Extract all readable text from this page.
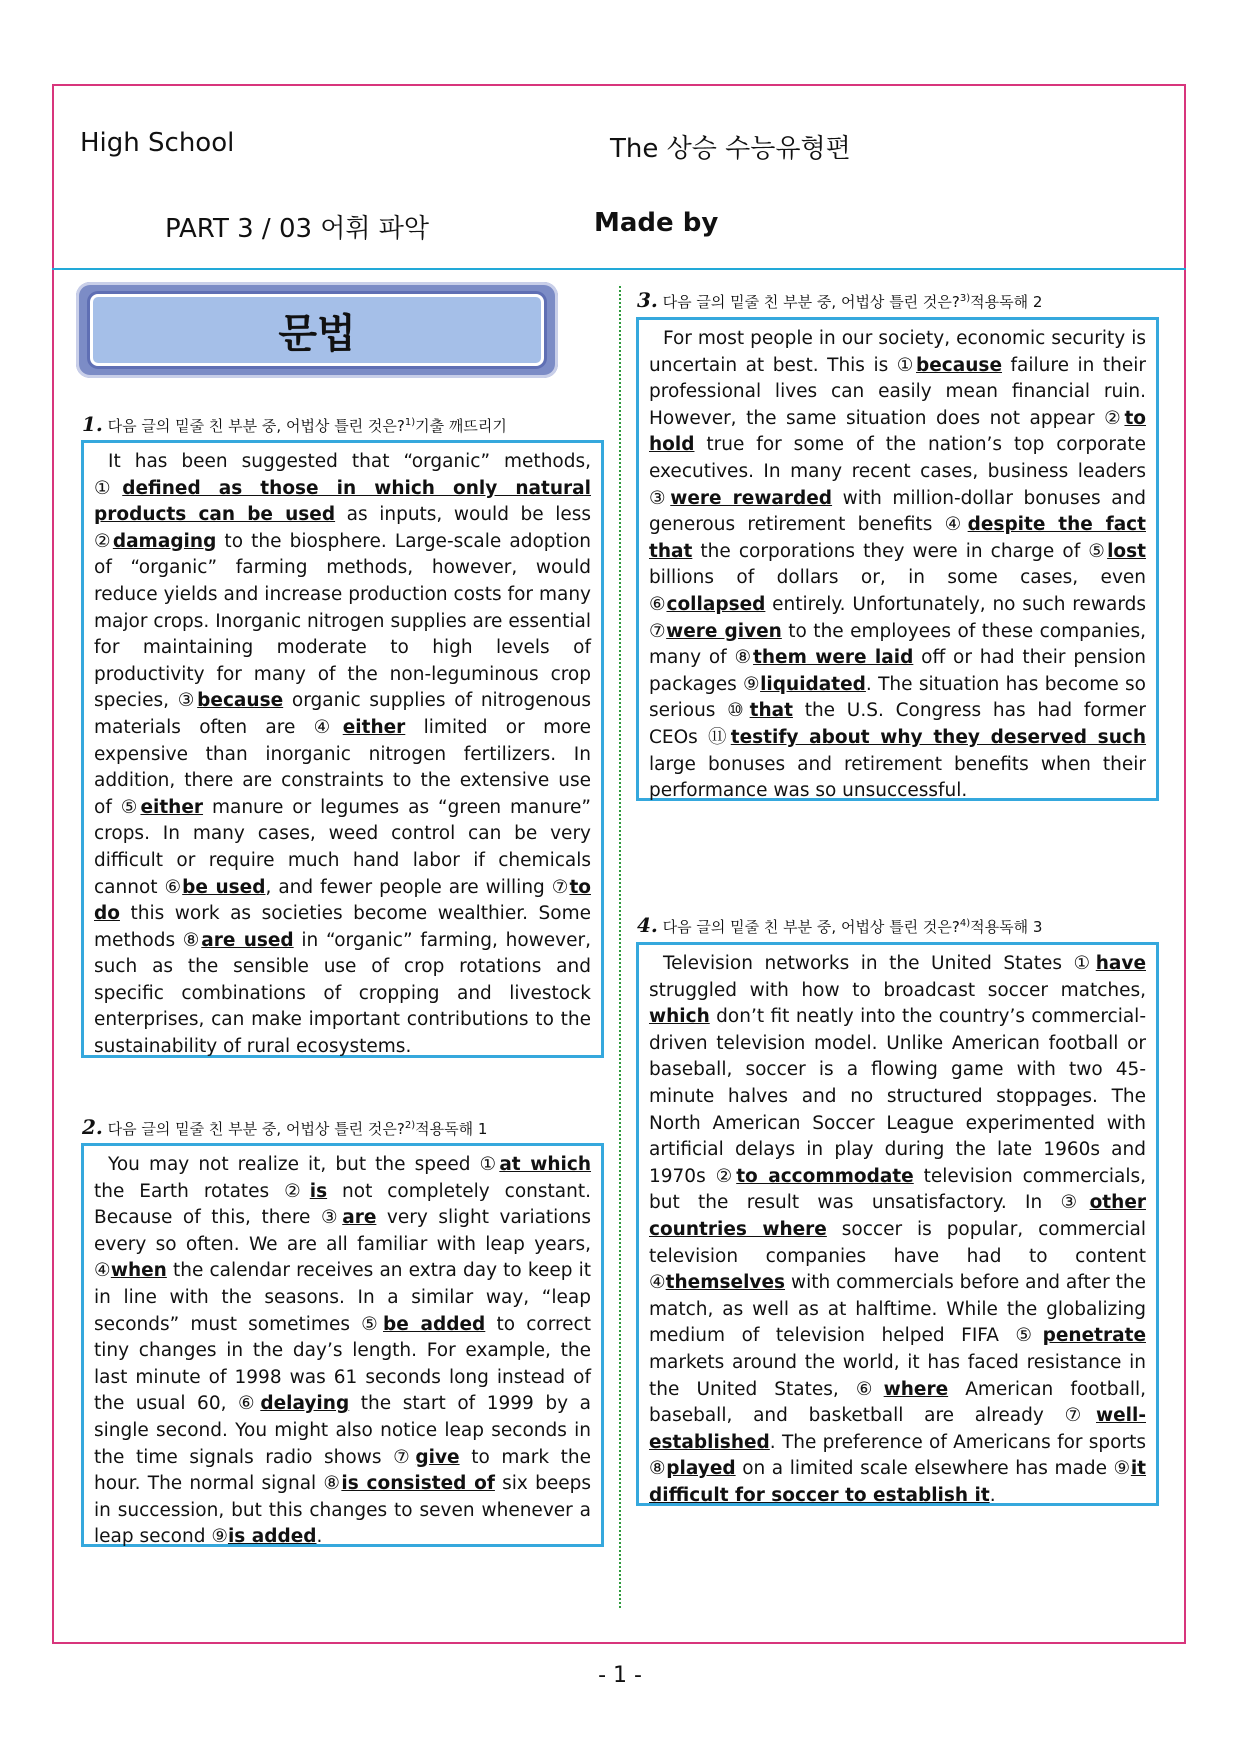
High School	The 상승 수능유형편
PART 3 / 03 어휘 파악	Made by
문법
1. 다음 글의 밑줄 친 부분 중, 어법상 틀린 것은?$^{1)}$기출 깨뜨리기

It has been suggested that “organic” methods, ①defined as those in which only natural products can be used as inputs, would be less ②damaging to the biosphere. Large-scale adoption of “organic” farming methods, however, would reduce yields and increase production costs for many major crops. Inorganic nitrogen supplies are essential for maintaining moderate to high levels of productivity for many of the non-leguminous crop species, ③because organic supplies of nitrogenous materials often are ④either limited or more expensive than inorganic nitrogen fertilizers. In addition, there are constraints to the extensive use of ⑤either manure or legumes as “green manure” crops. In many cases, weed control can be very difficult or require much hand labor if chemicals cannot ⑥be used, and fewer people are willing ⑦to do this work as societies become wealthier. Some methods ⑧are used in “organic” farming, however, such as the sensible use of crop rotations and specific combinations of cropping and livestock enterprises, can make important contributions to the sustainability of rural ecosystems.

2. 다음 글의 밑줄 친 부분 중, 어법상 틀린 것은?$^{2)}$적용독해 1

You may not realize it, but the speed ①at which the Earth rotates ②is not completely constant. Because of this, there ③are very slight variations every so often. We are all familiar with leap years, ④when the calendar receives an extra day to keep it in line with the seasons. In a similar way, “leap seconds” must sometimes ⑤be added to correct tiny changes in the day’s length. For example, the last minute of 1998 was 61 seconds long instead of the usual 60, ⑥delaying the start of 1999 by a single second. You might also notice leap seconds in the time signals radio shows ⑦give to mark the hour. The normal signal ⑧is consisted of six beeps in succession, but this changes to seven whenever a leap second ⑨is added.

3. 다음 글의 밑줄 친 부분 중, 어법상 틀린 것은?$^{3)}$적용독해 2

For most people in our society, economic security is uncertain at best. This is ①because failure in their professional lives can easily mean financial ruin. However, the same situation does not appear ②to hold true for some of the nation’s top corporate executives. In many recent cases, business leaders ③were rewarded with million-dollar bonuses and generous retirement benefits ④despite the fact that the corporations they were in charge of ⑤lost billions of dollars or, in some cases, even ⑥collapsed entirely. Unfortunately, no such rewards ⑦were given to the employees of these companies, many of ⑧them were laid off or had their pension packages ⑨liquidated. The situation has become so serious ⑩that the U.S. Congress has had former CEOs ⑪testify about why they deserved such large bonuses and retirement benefits when their performance was so unsuccessful.

4. 다음 글의 밑줄 친 부분 중, 어법상 틀린 것은?$^{4)}$적용독해 3

Television networks in the United States ①have struggled with how to broadcast soccer matches, which don’t fit neatly into the country’s commercial-driven television model. Unlike American football or baseball, soccer is a flowing game with two 45-minute halves and no structured stoppages. The North American Soccer League experimented with artificial delays in play during the late 1960s and 1970s ②to accommodate television commercials, but the result was unsatisfactory. In ③other countries where soccer is popular, commercial television companies have had to content ④themselves with commercials before and after the match, as well as at halftime. While the globalizing medium of television helped FIFA ⑤penetrate markets around the world, it has faced resistance in the United States, ⑥where American football, baseball, and basketball are already ⑦well-established. The preference of Americans for sports ⑧played on a limited scale elsewhere has made ⑨it difficult for soccer to establish it.

- 1 -
